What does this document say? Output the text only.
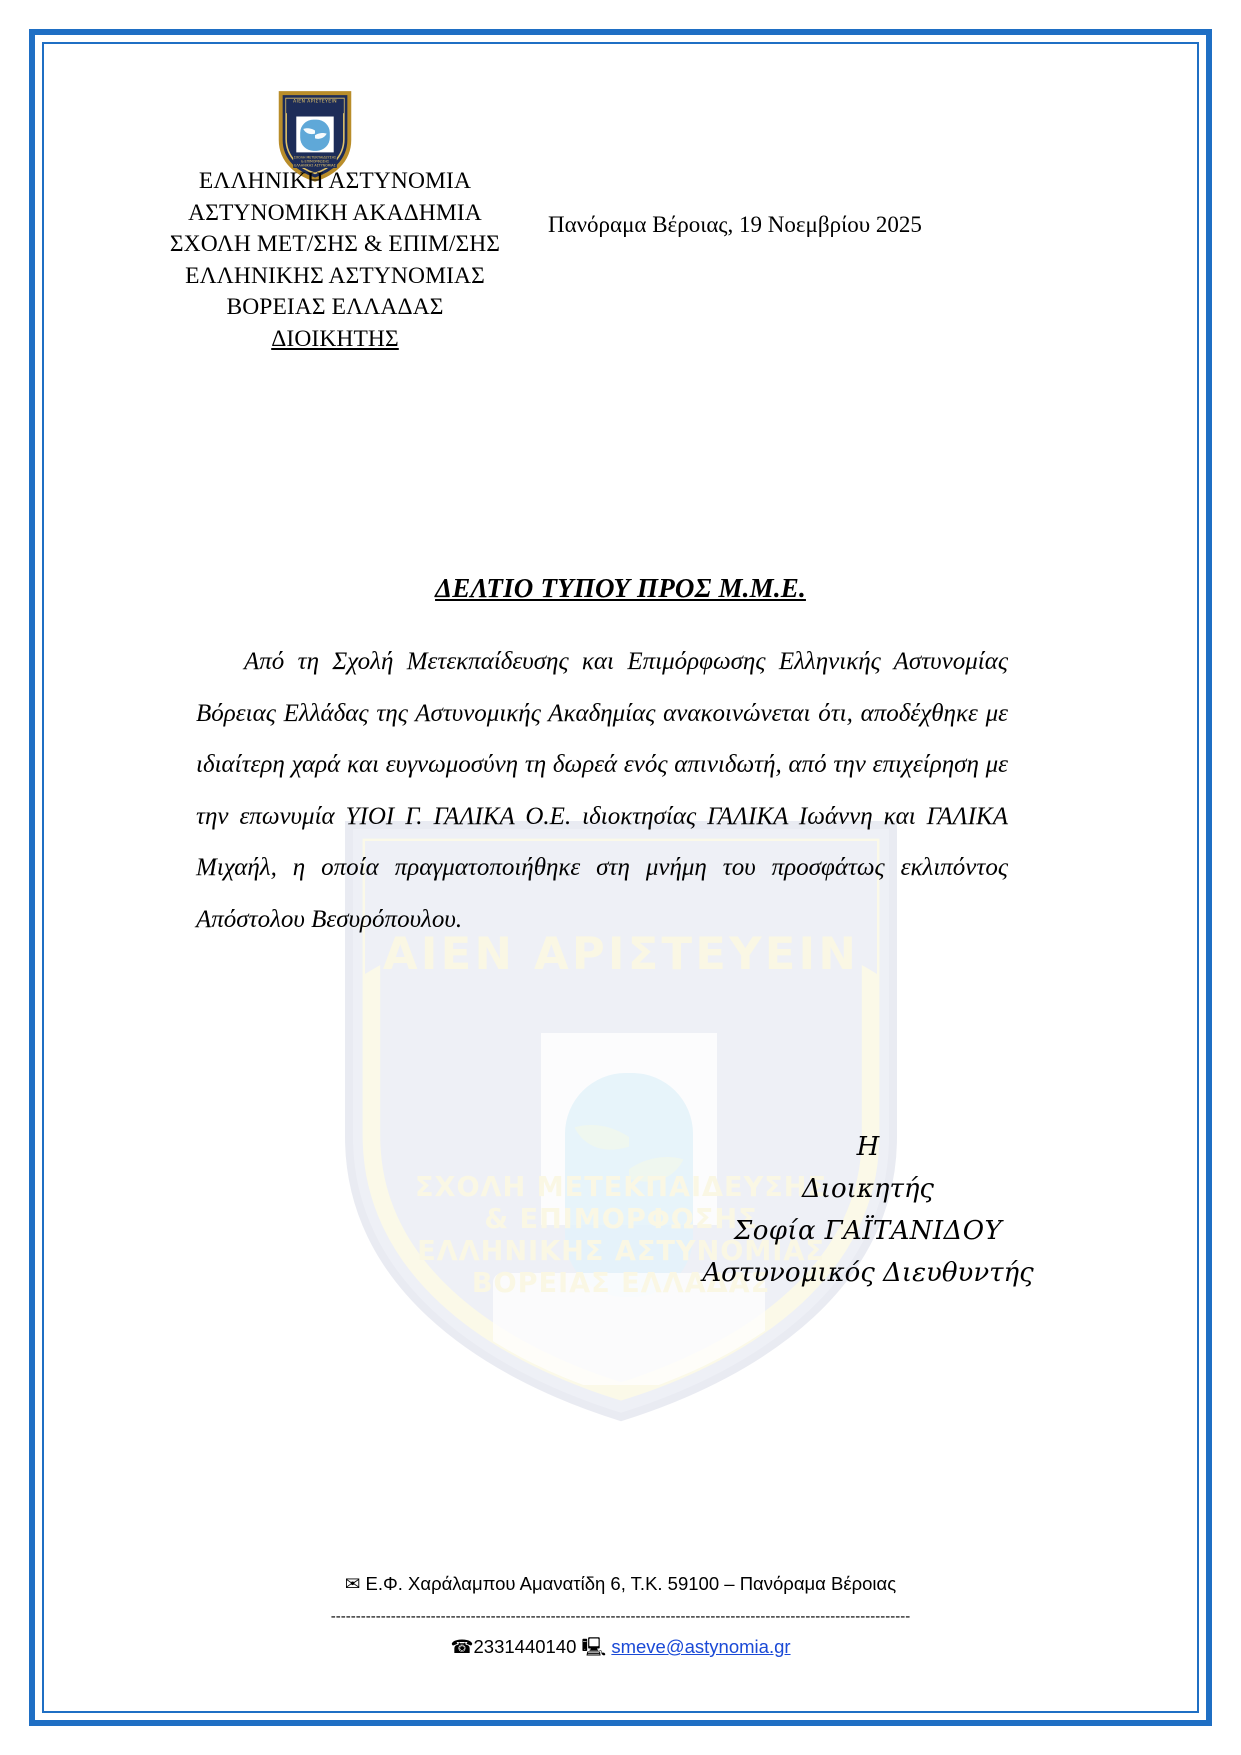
ΑΙΕΝ ΑΡΙΣΤΕΥΕΙΝ
ΣΧΟΛΗ ΜΕΤΕΚΠΑΙΔΕΥΣΗΣ
& ΕΠΙΜΟΡΦΩΣΗΣ
ΕΛΛΗΝΙΚΗΣ ΑΣΤΥΝΟΜΙΑΣ
ΒΟΡΕΙΑΣ ΕΛΛΑΔΑΣ
ΑΙΕΝ ΑΡΙΣΤΕΥΕΙΝ
ΣΧΟΛΗ ΜΕΤΕΚΠΑΙΔΕΥΣΗΣ
& ΕΠΙΜΟΡΦΩΣΗΣ
ΕΛΛΗΝΙΚΗΣ ΑΣΤΥΝΟΜΙΑΣ
ΕΛΛΗΝΙΚΗ ΑΣΤΥΝΟΜΙΑ
ΑΣΤΥΝΟΜΙΚΗ ΑΚΑΔΗΜΙΑ
ΣΧΟΛΗ ΜΕΤ/ΣΗΣ & ΕΠΙΜ/ΣΗΣ
ΕΛΛΗΝΙΚΗΣ ΑΣΤΥΝΟΜΙΑΣ
ΒΟΡΕΙΑΣ ΕΛΛΑΔΑΣ
ΔΙΟΙΚΗΤΗΣ
Πανόραμα Βέροιας, 19 Νοεμβρίου 2025
ΔΕΛΤΙΟ ΤΥΠΟΥ ΠΡΟΣ Μ.Μ.Ε.
Από τη Σχολή Μετεκπαίδευσης και Επιμόρφωσης Ελληνικής Αστυνομίας Βόρειας Ελλάδας της Αστυνομικής Ακαδημίας ανακοινώνεται ότι, αποδέχθηκε με ιδιαίτερη χαρά και ευγνωμοσύνη τη δωρεά ενός απινιδωτή, από την επιχείρηση με την επωνυμία ΥΙΟΙ Γ. ΓΑΛΙΚΑ Ο.Ε. ιδιοκτησίας ΓΑΛΙΚΑ Ιωάννη και ΓΑΛΙΚΑ Μιχαήλ, η οποία πραγματοποιήθηκε στη μνήμη του προσφάτως εκλιπόντος Απόστολου Βεσυρόπουλου.
Η
Διοικητής
Σοφία ΓΑΪΤΑΝΙΔΟΥ
Αστυνομικός Διευθυντής
✉ Ε.Φ. Χαράλαμπου Αμανατίδη 6, Τ.Κ. 59100 – Πανόραμα Βέροιας
--------------------------------------------------------------------------------------------------------------------
☎2331440140 🖳 smeve@astynomia.gr
